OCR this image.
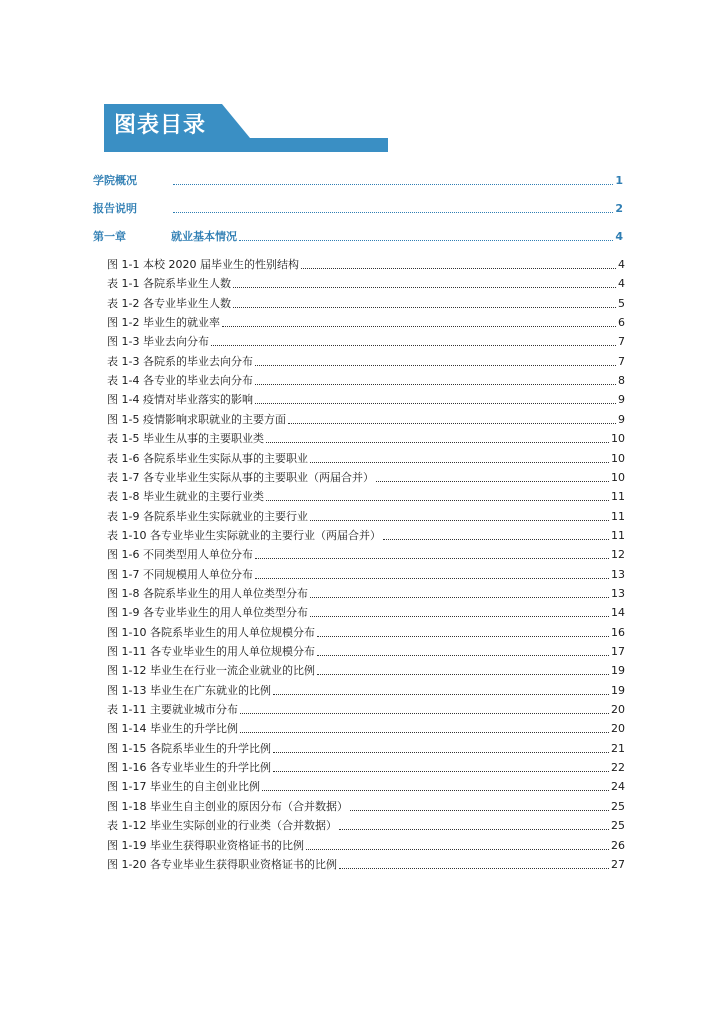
图表目录
学院概况	1
报告说明	2
第一章	就业基本情况	4
图 1-1 本校 2020 届毕业生的性别结构	4
表 1-1 各院系毕业生人数	4
表 1-2 各专业毕业生人数	5
图 1-2 毕业生的就业率	6
图 1-3 毕业去向分布	7
表 1-3 各院系的毕业去向分布	7
表 1-4 各专业的毕业去向分布	8
图 1-4 疫情对毕业落实的影响	9
图 1-5 疫情影响求职就业的主要方面	9
表 1-5 毕业生从事的主要职业类	10
表 1-6 各院系毕业生实际从事的主要职业	10
表 1-7 各专业毕业生实际从事的主要职业（两届合并）	10
表 1-8 毕业生就业的主要行业类	11
表 1-9 各院系毕业生实际就业的主要行业	11
表 1-10 各专业毕业生实际就业的主要行业（两届合并）	11
图 1-6 不同类型用人单位分布	12
图 1-7 不同规模用人单位分布	13
图 1-8 各院系毕业生的用人单位类型分布	13
图 1-9 各专业毕业生的用人单位类型分布	14
图 1-10 各院系毕业生的用人单位规模分布	16
图 1-11 各专业毕业生的用人单位规模分布	17
图 1-12 毕业生在行业一流企业就业的比例	19
图 1-13 毕业生在广东就业的比例	19
表 1-11 主要就业城市分布	20
图 1-14 毕业生的升学比例	20
图 1-15 各院系毕业生的升学比例	21
图 1-16 各专业毕业生的升学比例	22
图 1-17 毕业生的自主创业比例	24
图 1-18 毕业生自主创业的原因分布（合并数据）	25
表 1-12 毕业生实际创业的行业类（合并数据）	25
图 1-19 毕业生获得职业资格证书的比例	26
图 1-20 各专业毕业生获得职业资格证书的比例	27
